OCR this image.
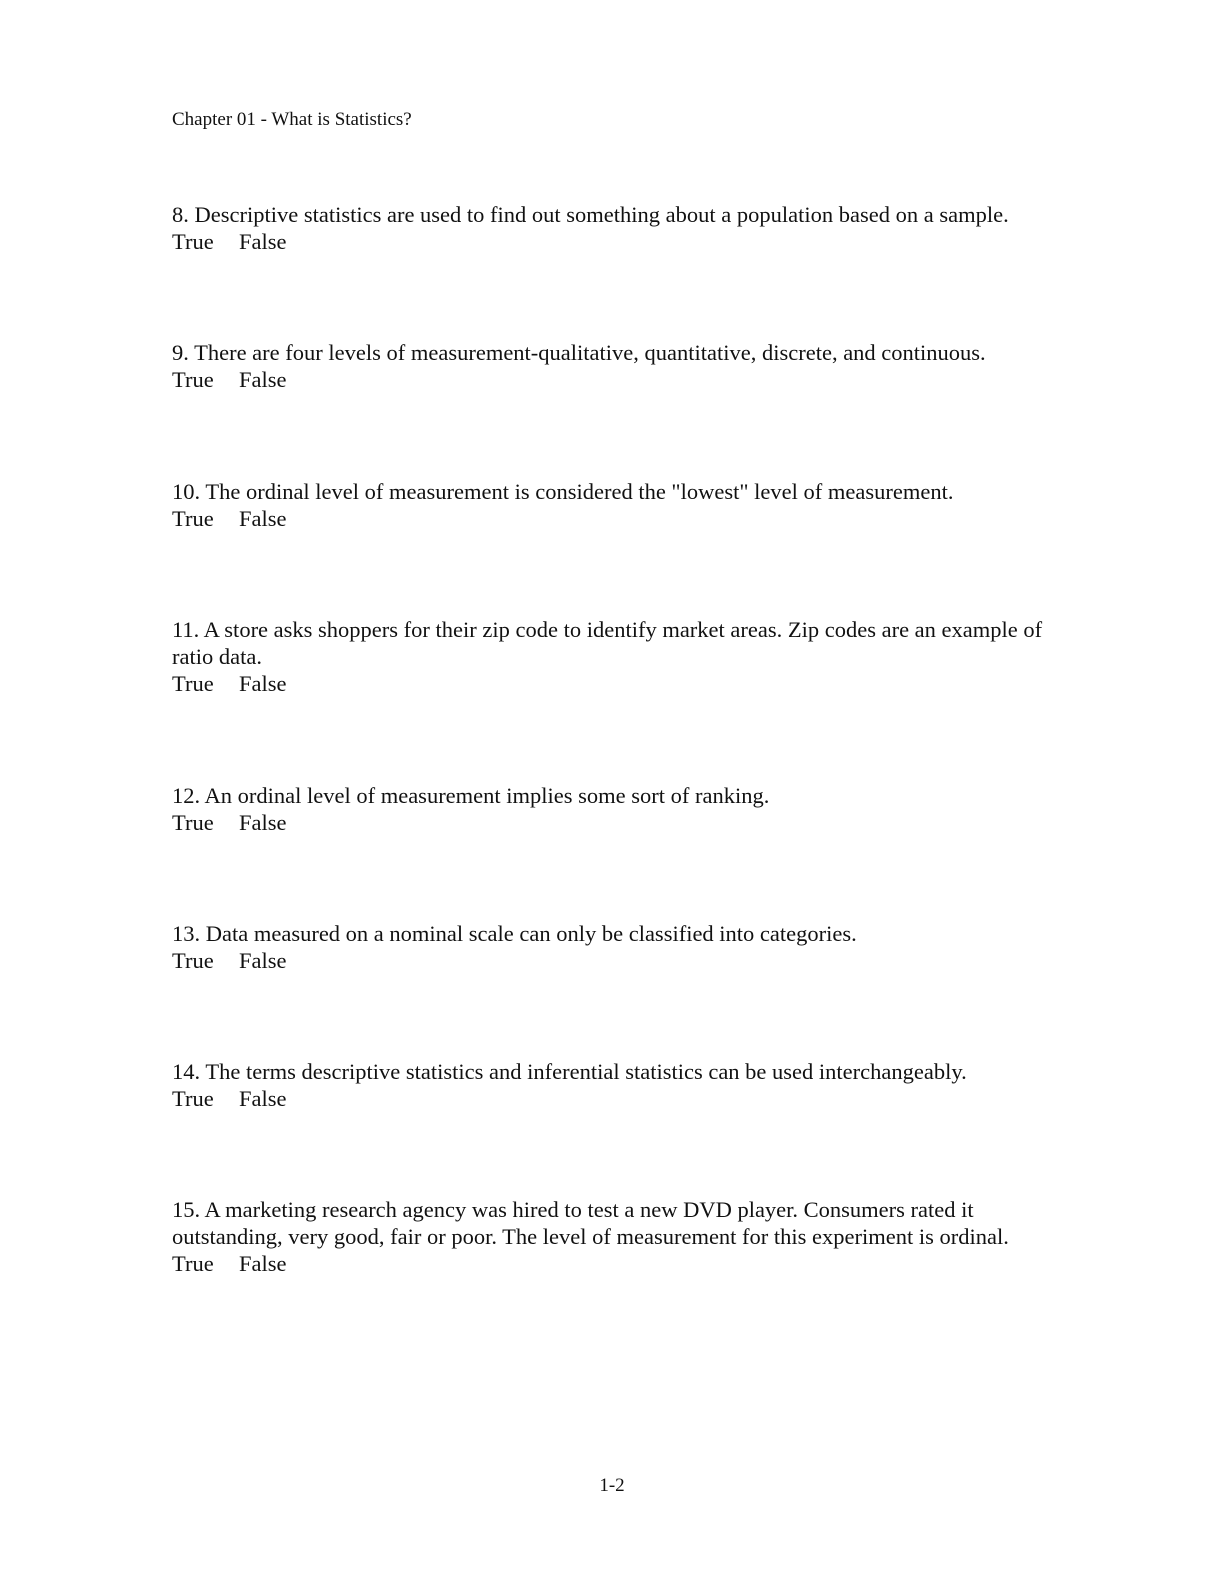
Chapter 01 - What is Statistics?
8. Descriptive statistics are used to find out something about a population based on a sample.
True False
9. There are four levels of measurement-qualitative, quantitative, discrete, and continuous.
True False
10. The ordinal level of measurement is considered the "lowest" level of measurement.
True False
11. A store asks shoppers for their zip code to identify market areas. Zip codes are an example of ratio data.
True False
12. An ordinal level of measurement implies some sort of ranking.
True False
13. Data measured on a nominal scale can only be classified into categories.
True False
14. The terms descriptive statistics and inferential statistics can be used interchangeably.
True False
15. A marketing research agency was hired to test a new DVD player. Consumers rated it outstanding, very good, fair or poor. The level of measurement for this experiment is ordinal.
True False
1-2
